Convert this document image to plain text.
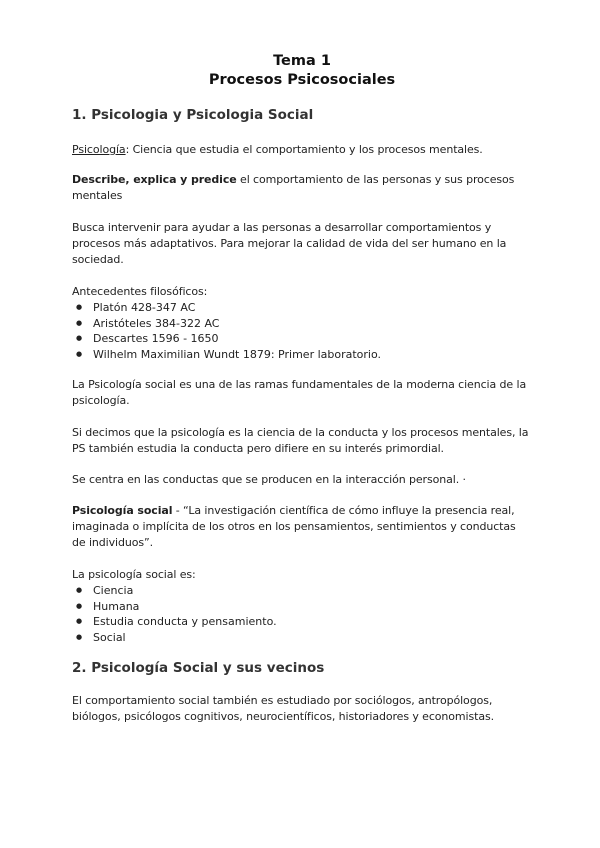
Tema 1
Procesos Psicosociales
1. Psicologia y Psicologia Social

Psicología: Ciencia que estudia el comportamiento y los procesos mentales.

Describe, explica y predice el comportamiento de las personas y sus procesos mentales

Busca intervenir para ayudar a las personas a desarrollar comportamientos y procesos más adaptativos. Para mejorar la calidad de vida del ser humano en la sociedad.

Antecedentes filosóficos:

● Platón 428-347 AC
● Aristóteles 384-322 AC
● Descartes 1596 - 1650
● Wilhelm Maximilian Wundt 1879: Primer laboratorio.

La Psicología social es una de las ramas fundamentales de la moderna ciencia de la psicología.

Si decimos que la psicología es la ciencia de la conducta y los procesos mentales, la PS también estudia la conducta pero difiere en su interés primordial.

Se centra en las conductas que se producen en la interacción personal. ·

Psicología social - “La investigación científica de cómo influye la presencia real, imaginada o implícita de los otros en los pensamientos, sentimientos y conductas de individuos”.

La psicología social es:

● Ciencia
● Humana
● Estudia conducta y pensamiento.
● Social
2. Psicología Social y sus vecinos

El comportamiento social también es estudiado por sociólogos, antropólogos, biólogos, psicólogos cognitivos, neurocientíficos, historiadores y economistas.
